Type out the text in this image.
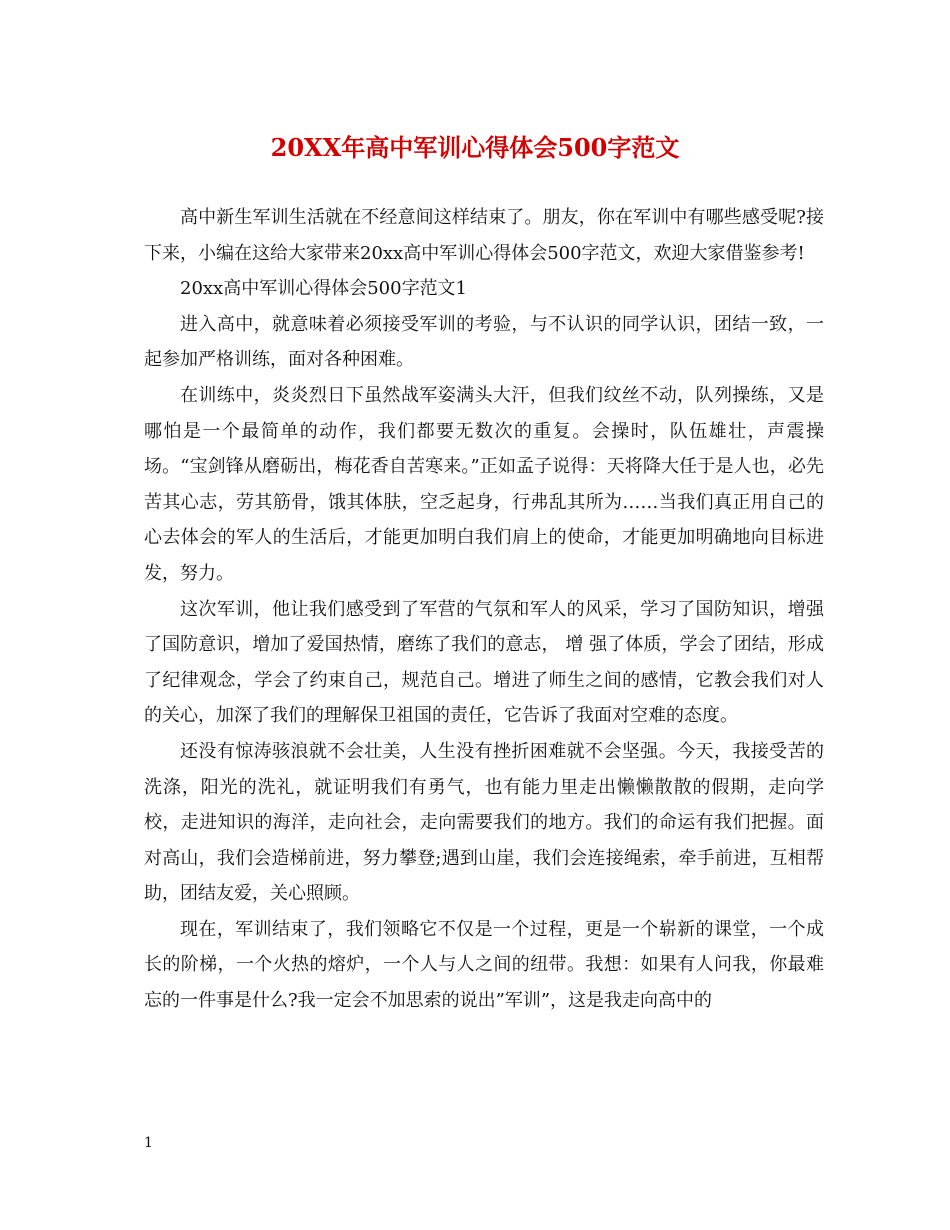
20XX年高中军训心得体会500字范文

高中新生军训生活就在不经意间这样结束了。朋友，你在军训中有哪些感受呢?接下来，小编在这给大家带来20xx高中军训心得体会500字范文，欢迎大家借鉴参考!

20xx高中军训心得体会500字范文1

进入高中，就意味着必须接受军训的考验，与不认识的同学认识，团结一致，一起参加严格训练，面对各种困难。

在训练中，炎炎烈日下虽然战军姿满头大汗，但我们纹丝不动，队列操练，又是哪怕是一个最简单的动作，我们都要无数次的重复。会操时，队伍雄壮，声震操场。“宝剑锋从磨砺出，梅花香自苦寒来。”正如孟子说得：天将降大任于是人也，必先苦其心志，劳其筋骨，饿其体肤，空乏起身，行弗乱其所为……当我们真正用自己的心去体会的军人的生活后，才能更加明白我们肩上的使命，才能更加明确地向目标进发，努力。

这次军训，他让我们感受到了军营的气氛和军人的风采，学习了国防知识，增强了国防意识，增加了爱国热情，磨练了我们的意志， 增 强了体质，学会了团结，形成了纪律观念，学会了约束自己，规范自己。增进了师生之间的感情，它教会我们对人的关心，加深了我们的理解保卫祖国的责任，它告诉了我面对空难的态度。

还没有惊涛骇浪就不会壮美，人生没有挫折困难就不会坚强。今天，我接受苦的洗涤，阳光的洗礼，就证明我们有勇气，也有能力里走出懒懒散散的假期，走向学校，走进知识的海洋，走向社会，走向需要我们的地方。我们的命运有我们把握。面对高山，我们会造梯前进，努力攀登;遇到山崖，我们会连接绳索，牵手前进，互相帮助，团结友爱，关心照顾。

现在，军训结束了，我们领略它不仅是一个过程，更是一个崭新的课堂，一个成长的阶梯，一个火热的熔炉，一个人与人之间的纽带。我想：如果有人问我，你最难忘的一件事是什么?我一定会不加思索的说出”军训”，这是我走向高中的

1
